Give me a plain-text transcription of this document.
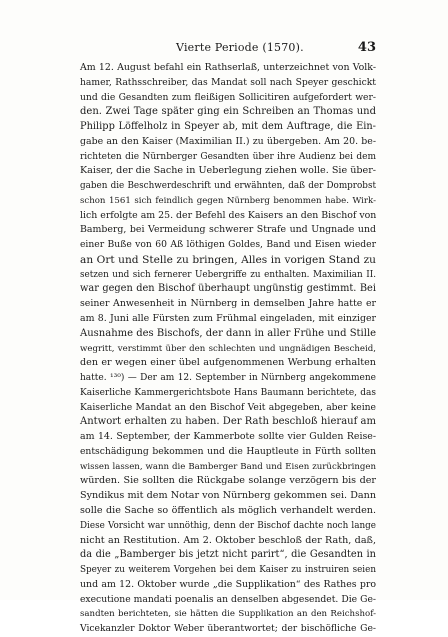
Vierte Periode (1570).	43
Am 12. August befahl ein Rathserlaß, unterzeichnet von Volk-
hamer, Rathsschreiber, das Mandat soll nach Speyer geschickt
und die Gesandten zum fleißigen Sollicitiren aufgefordert wer-
den. Zwei Tage später ging ein Schreiben an Thomas und
Philipp Löffelholz in Speyer ab, mit dem Auftrage, die Ein-
gabe an den Kaiser (Maximilian II.) zu übergeben. Am 20. be-
richteten die Nürnberger Gesandten über ihre Audienz bei dem
Kaiser, der die Sache in Ueberlegung ziehen wolle. Sie über-
gaben die Beschwerdeschrift und erwähnten, daß der Domprobst
schon 1561 sich feindlich gegen Nürnberg benommen habe. Wirk-
lich erfolgte am 25. der Befehl des Kaisers an den Bischof von
Bamberg, bei Vermeidung schwerer Strafe und Ungnade und
einer Buße von 60 Aß löthigen Goldes, Band und Eisen wieder
an Ort und Stelle zu bringen, Alles in vorigen Stand zu
setzen und sich fernerer Uebergriffe zu enthalten. Maximilian II.
war gegen den Bischof überhaupt ungünstig gestimmt. Bei
seiner Anwesenheit in Nürnberg in demselben Jahre hatte er
am 8. Juni alle Fürsten zum Frühmal eingeladen, mit einziger
Ausnahme des Bischofs, der dann in aller Frühe und Stille
wegritt, verstimmt über den schlechten und ungnädigen Bescheid,
den er wegen einer übel aufgenommenen Werbung erhalten
hatte. ¹³⁰) — Der am 12. September in Nürnberg angekommene
Kaiserliche Kammergerichtsbote Hans Baumann berichtete, das
Kaiserliche Mandat an den Bischof Veit abgegeben, aber keine
Antwort erhalten zu haben. Der Rath beschloß hierauf am
am 14. September, der Kammerbote sollte vier Gulden Reise-
entschädigung bekommen und die Hauptleute in Fürth sollten
wissen lassen, wann die Bamberger Band und Eisen zurückbringen
würden. Sie sollten die Rückgabe solange verzögern bis der
Syndikus mit dem Notar von Nürnberg gekommen sei. Dann
solle die Sache so öffentlich als möglich verhandelt werden.
Diese Vorsicht war unnöthig, denn der Bischof dachte noch lange
nicht an Restitution. Am 2. Oktober beschloß der Rath, daß,
da die „Bamberger bis jetzt nicht parirt“, die Gesandten in
Speyer zu weiterem Vorgehen bei dem Kaiser zu instruiren seien
und am 12. Oktober wurde „die Supplikation“ des Rathes pro
executione mandati poenalis an denselben abgesendet. Die Ge-
sandten berichteten, sie hätten die Supplikation an den Reichshof-
Vicekanzler Doktor Weber überantwortet; der bischöfliche Ge-
